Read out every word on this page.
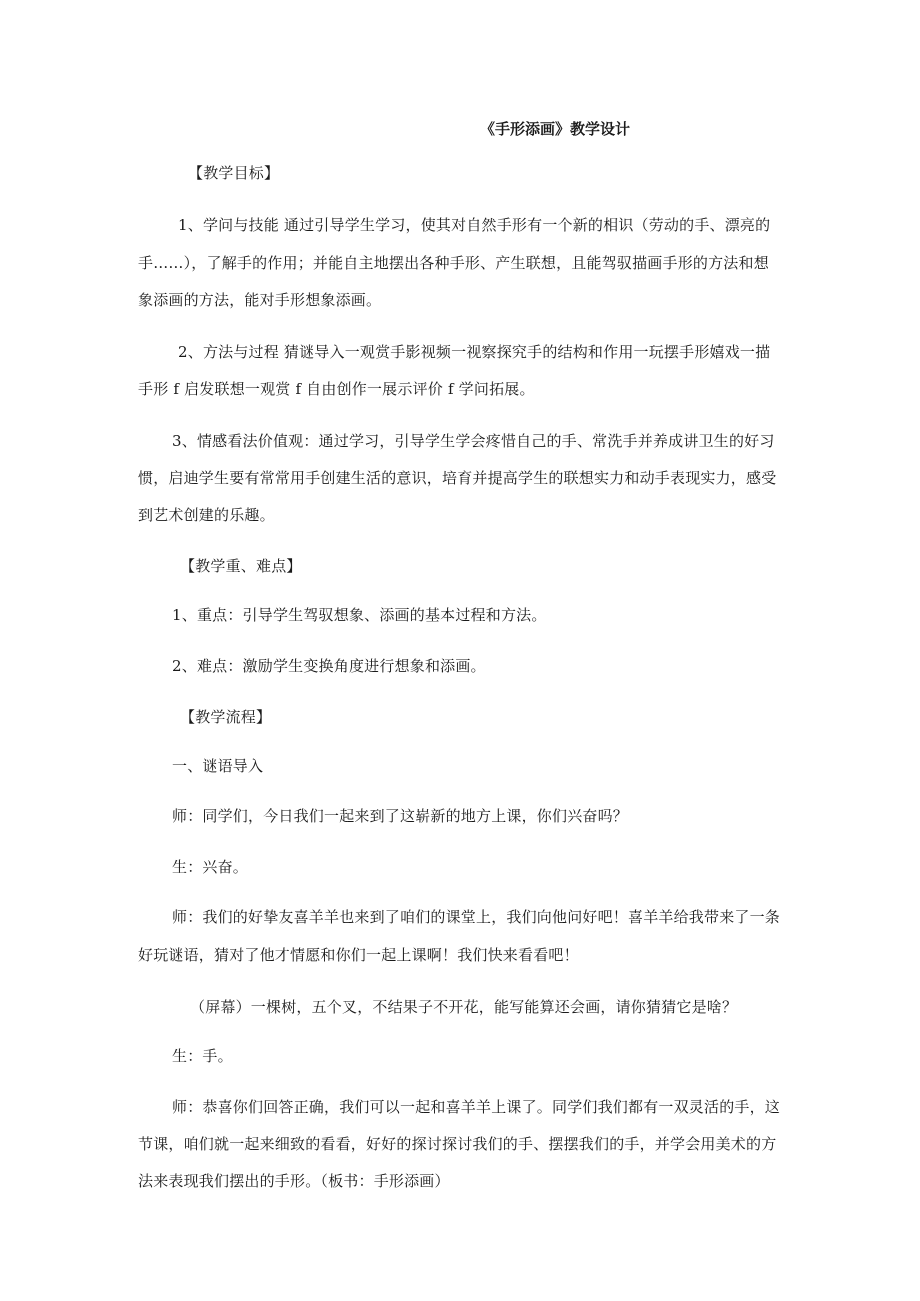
《手形添画》教学设计
【教学目标】
1、学问与技能 通过引导学生学习，使其对自然手形有一个新的相识（劳动的手、漂亮的
手……），了解手的作用；并能自主地摆出各种手形、产生联想，且能驾驭描画手形的方法和想
象添画的方法，能对手形想象添画。
2、方法与过程 猜谜导入一观赏手影视频一视察探究手的结构和作用一玩摆手形嬉戏一描
手形 f 启发联想一观赏 f 自由创作一展示评价 f 学问拓展。
3、情感看法价值观：通过学习，引导学生学会疼惜自己的手、常洗手并养成讲卫生的好习
惯，启迪学生要有常常用手创建生活的意识，培育并提高学生的联想实力和动手表现实力，感受
到艺术创建的乐趣。
【教学重、难点】
1、重点：引导学生驾驭想象、添画的基本过程和方法。
2、难点：激励学生变换角度进行想象和添画。
【教学流程】
一、谜语导入
师：同学们，今日我们一起来到了这崭新的地方上课，你们兴奋吗？
生：兴奋。
师：我们的好挚友喜羊羊也来到了咱们的课堂上，我们向他问好吧！喜羊羊给我带来了一条
好玩谜语，猜对了他才情愿和你们一起上课啊！我们快来看看吧！
（屏幕）一棵树，五个叉，不结果子不开花，能写能算还会画，请你猜猜它是啥？
生：手。
师：恭喜你们回答正确，我们可以一起和喜羊羊上课了。同学们我们都有一双灵活的手，这
节课，咱们就一起来细致的看看，好好的探讨探讨我们的手、摆摆我们的手，并学会用美术的方
法来表现我们摆出的手形。（板书：手形添画）
